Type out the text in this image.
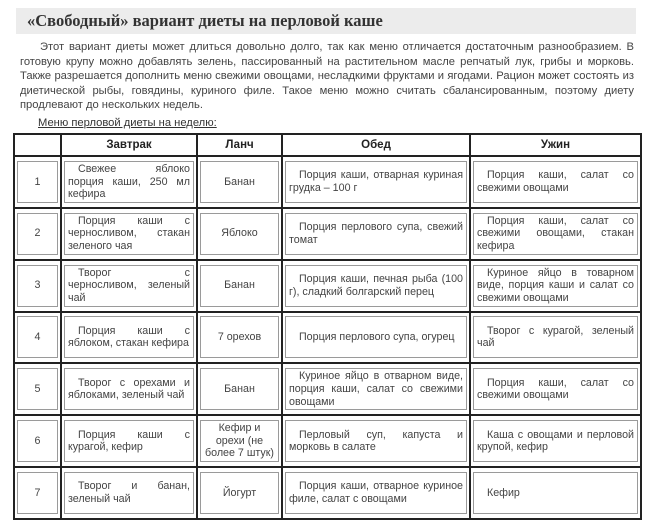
«Свободный» вариант диеты на перловой каше

Этот вариант диеты может длиться довольно долго, так как меню отличается достаточным разнообразием. В готовую крупу можно добавлять зелень, пассированный на растительном масле репчатый лук, грибы и морковь. Также разрешается дополнить меню свежими овощами, несладкими фруктами и ягодами. Рацион может состоять из диетической рыбы, говядины, куриного филе. Такое меню можно считать сбалансированным, поэтому диету продлевают до нескольких недель.

Меню перловой диеты на неделю:
	Завтрак	Ланч	Обед	Ужин

1	Свежее яблоко порция каши, 250 мл кефира	Банан	Порция каши, отварная куриная грудка – 100 г	Порция каши, салат со свежими овощами

2	Порция каши с черносливом, стакан зеленого чая	Яблоко	Порция перлового супа, свежий томат	Порция каши, салат со свежими овощами, стакан кефира

3	Творог с черносливом, зеленый чай	Банан	Порция каши, печная рыба (100 г), сладкий болгарский перец	Куриное яйцо в товарном виде, порция каши и салат со свежими овощами

4	Порция каши с яблоком, стакан кефира	7 орехов	Порция перлового супа, огурец	Творог с курагой, зеленый чай

5	Творог с орехами и яблоками, зеленый чай	Банан	Куриное яйцо в отварном виде, порция каши, салат со свежими овощами	Порция каши, салат со свежими овощами

6	Порция каши с курагой, кефир	Кефир и орехи (не более 7 штук)	Перловый суп, капуста и морковь в салате	Каша с овощами и перловой крупой, кефир

7	Творог и банан, зеленый чай	Йогурт	Порция каши, отварное куриное филе, салат с овощами	Кефир
